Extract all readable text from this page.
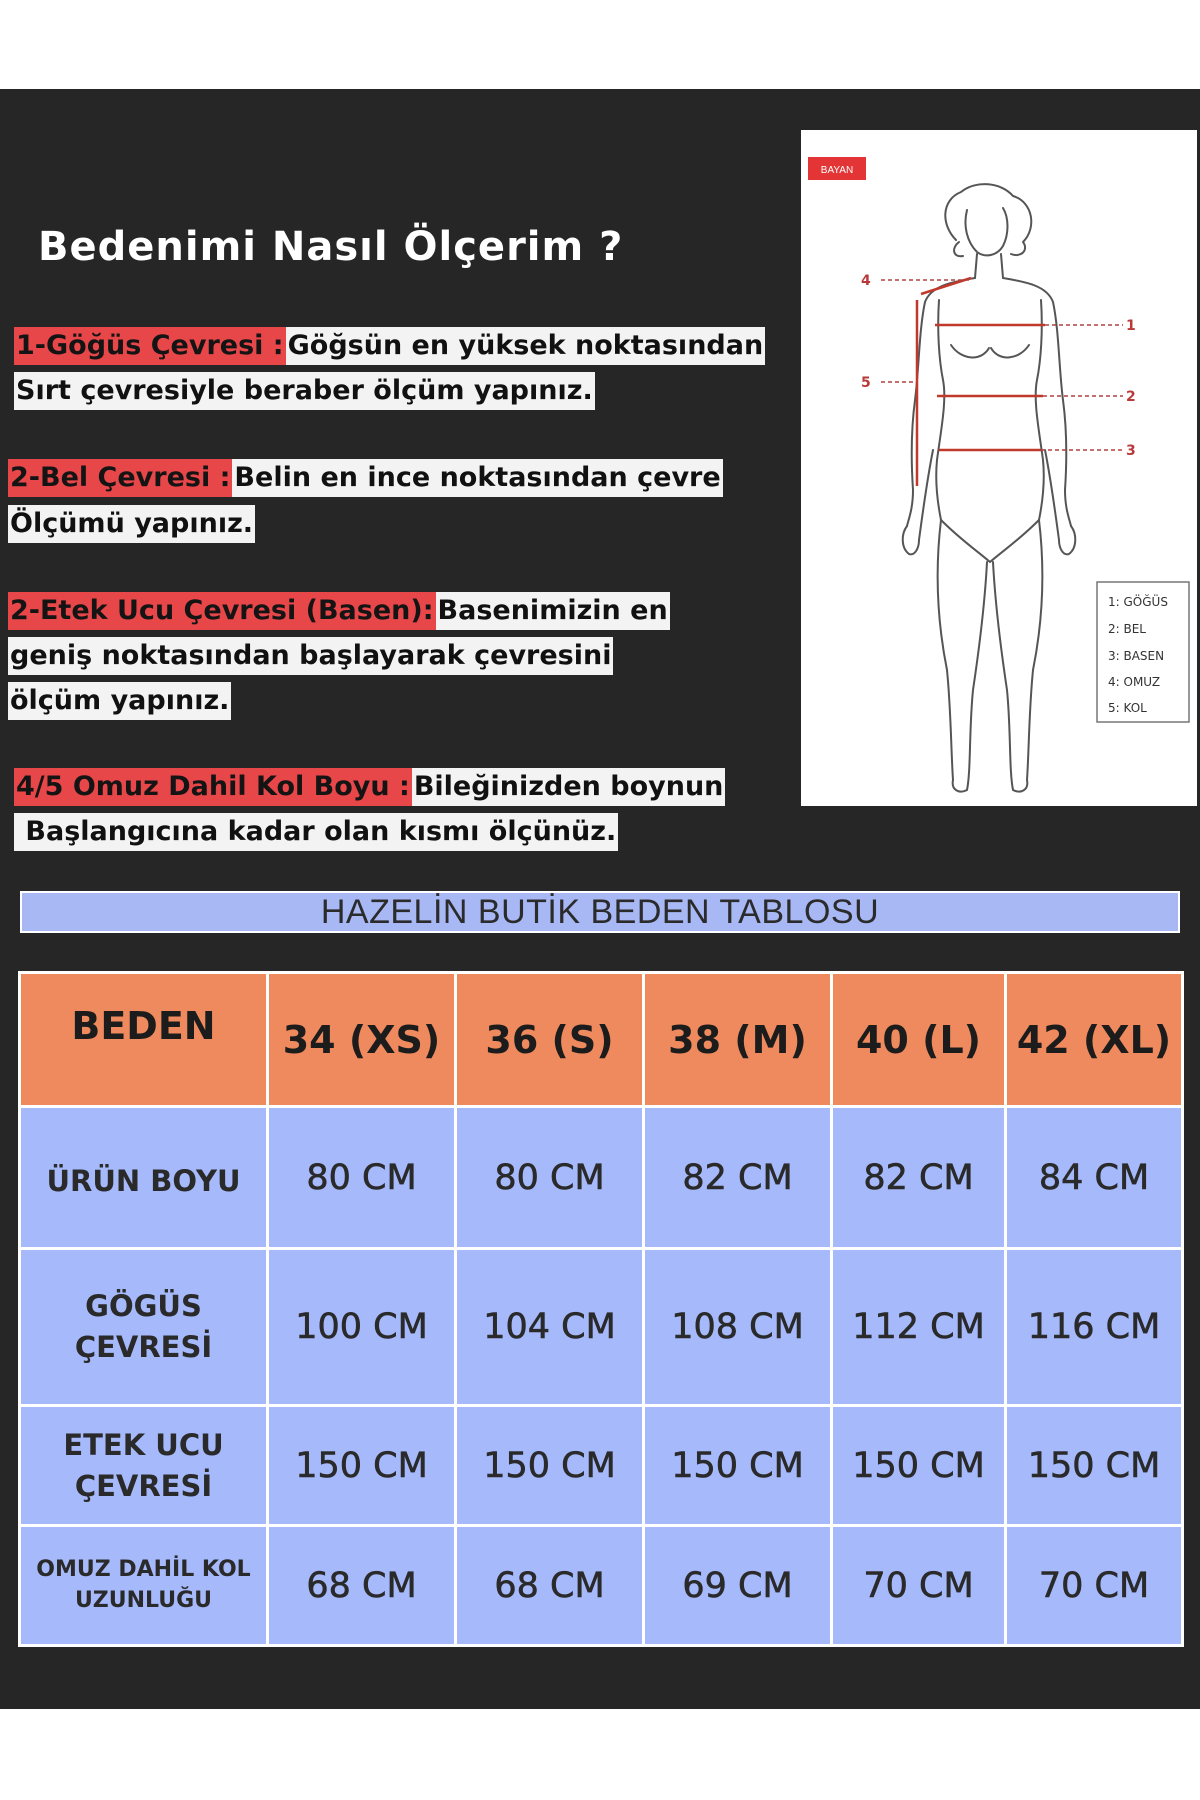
Bedenimi Nasıl Ölçerim ?
1-Göğüs Çevresi : Göğsün en yüksek noktasından
Sırt çevresiyle beraber ölçüm yapınız.
2-Bel Çevresi : Belin en ince noktasından çevre
Ölçümü yapınız.
2-Etek Ucu Çevresi (Basen): Basenimizin en
geniş noktasından başlayarak çevresini
ölçüm yapınız.
4/5 Omuz Dahil Kol Boyu : Bileğinizden boynun
Başlangıcına kadar olan kısmı ölçünüz.
BAYAN
4
5
1
2
3
1: GÖĞÜS
2: BEL
3: BASEN
4: OMUZ
5: KOL
HAZELİN BUTİK BEDEN TABLOSU
BEDEN	34 (XS)	36 (S)	38 (M)	40 (L)	42 (XL)

ÜRÜN BOYU	80 CM	80 CM	82 CM	82 CM	84 CM

GÖGÜS
ÇEVRESİ	100 CM	104 CM	108 CM	112 CM	116 CM

ETEK UCU
ÇEVRESİ	150 CM	150 CM	150 CM	150 CM	150 CM

OMUZ DAHİL KOL
UZUNLUĞU	68 CM	68 CM	69 CM	70 CM	70 CM
